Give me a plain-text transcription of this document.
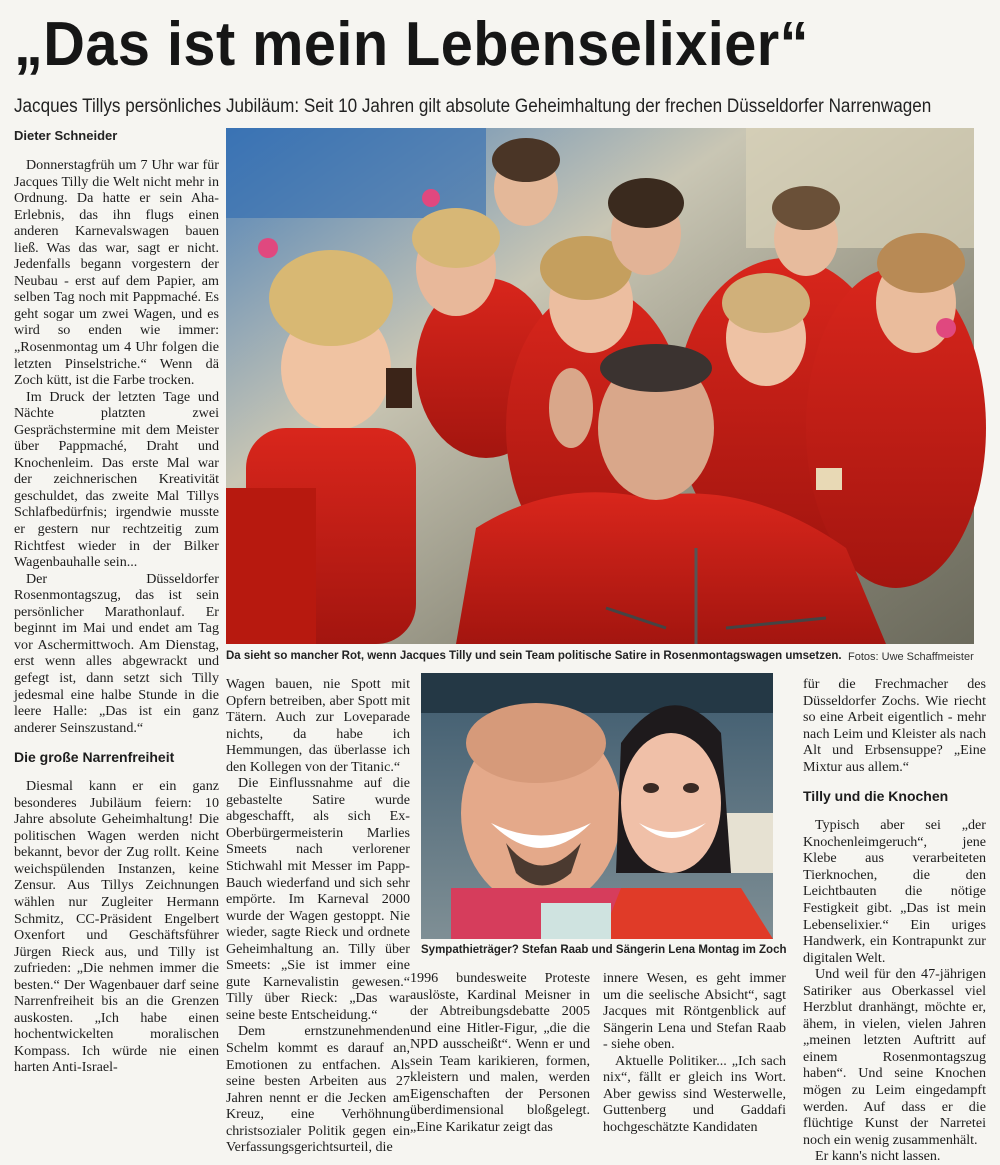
„Das ist mein Lebenselixier“
Jacques Tillys persönliches Jubiläum: Seit 10 Jahren gilt absolute Geheimhaltung der frechen Düsseldorfer Narrenwagen
Dieter Schneider

Donnerstagfrüh um 7 Uhr war für Jacques Tilly die Welt nicht mehr in Ordnung. Da hatte er sein Aha-Erlebnis, das ihn flugs einen anderen Karnevalswagen bauen ließ. Was das war, sagt er nicht. Jedenfalls begann vorgestern der Neubau - erst auf dem Papier, am selben Tag noch mit Pappmaché. Es geht sogar um zwei Wagen, und es wird so enden wie immer: „Rosenmontag um 4 Uhr folgen die letzten Pinselstriche.“ Wenn dä Zoch kütt, ist die Farbe trocken.

Im Druck der letzten Tage und Nächte platzten zwei Gesprächstermine mit dem Meister über Pappmaché, Draht und Knochenleim. Das erste Mal war der zeichnerischen Kreativität geschuldet, das zweite Mal Tillys Schlafbedürfnis; irgendwie musste er gestern nur rechtzeitig zum Richtfest wieder in der Bilker Wagenbauhalle sein...

Der Düsseldorfer Rosenmontagszug, das ist sein persönlicher Marathonlauf. Er beginnt im Mai und endet am Tag vor Aschermittwoch. Am Dienstag, erst wenn alles abgewrackt und gefegt ist, dann setzt sich Tilly jedesmal eine halbe Stunde in die leere Halle: „Das ist ein ganz anderer Seinszustand.“

Die große Narrenfreiheit

Diesmal kann er ein ganz besonderes Jubiläum feiern: 10 Jahre absolute Geheimhaltung! Die politischen Wagen werden nicht bekannt, bevor der Zug rollt. Keine weichspülenden Instanzen, keine Zensur. Aus Tillys Zeichnungen wählen nur Zugleiter Hermann Schmitz, CC-Präsident Engelbert Oxenfort und Geschäftsführer Jürgen Rieck aus, und Tilly ist zufrieden: „Die nehmen immer die besten.“ Der Wagenbauer darf seine Narrenfreiheit bis an die Grenzen auskosten. „Ich habe einen hochentwickelten moralischen Kompass. Ich würde nie einen harten Anti-Israel-

Da sieht so mancher Rot, wenn Jacques Tilly und sein Team politische Satire in Rosenmontagswagen umsetzen. Fotos: Uwe Schaffmeister

Wagen bauen, nie Spott mit Opfern betreiben, aber Spott mit Tätern. Auch zur Loveparade nichts, da habe ich Hemmungen, das überlasse ich den Kollegen von der Titanic.“

Die Einflussnahme auf die gebastelte Satire wurde abgeschafft, als sich Ex-Oberbürgermeisterin Marlies Smeets nach verlorener Stichwahl mit Messer im Papp-Bauch wiederfand und sich sehr empörte. Im Karneval 2000 wurde der Wagen gestoppt. Nie wieder, sagte Rieck und ordnete Geheimhaltung an. Tilly über Smeets: „Sie ist immer eine gute Karnevalistin gewesen.“ Tilly über Rieck: „Das war seine beste Entscheidung.“

Dem ernstzunehmenden Schelm kommt es darauf an, Emotionen zu entfachen. Als seine besten Arbeiten aus 27 Jahren nennt er die Jecken am Kreuz, eine Verhöhnung christsozialer Politik gegen ein Verfassungsgerichtsurteil, die

Sympathieträger? Stefan Raab und Sängerin Lena Montag im Zoch

1996 bundesweite Proteste auslöste, Kardinal Meisner in der Abtreibungsdebatte 2005 und eine Hitler-Figur, „die die NPD ausscheißt“. Wenn er und sein Team karikieren, formen, kleistern und malen, werden Eigenschaften der Personen überdimensional bloßgelegt. „Eine Karikatur zeigt das

innere Wesen, es geht immer um die seelische Absicht“, sagt Jacques mit Röntgenblick auf Sängerin Lena und Stefan Raab - siehe oben.

Aktuelle Politiker... „Ich sach nix“, fällt er gleich ins Wort. Aber gewiss sind Westerwelle, Guttenberg und Gaddafi hochgeschätzte Kandidaten

für die Frechmacher des Düsseldorfer Zochs. Wie riecht so eine Arbeit eigentlich - mehr nach Leim und Kleister als nach Alt und Erbsensuppe? „Eine Mixtur aus allem.“

Tilly und die Knochen

Typisch aber sei „der Knochenleimgeruch“, jene Klebe aus verarbeiteten Tierknochen, die den Leichtbauten die nötige Festigkeit gibt. „Das ist mein Lebenselixier.“ Ein uriges Handwerk, ein Kontrapunkt zur digitalen Welt.

Und weil für den 47-jährigen Satiriker aus Oberkassel viel Herzblut dranhängt, möchte er, ähem, in vielen, vielen Jahren „meinen letzten Auftritt auf einem Rosenmontagszug haben“. Und seine Knochen mögen zu Leim eingedampft werden. Auf dass er die flüchtige Kunst der Narretei noch ein wenig zusammenhält.

Er kann's nicht lassen.
